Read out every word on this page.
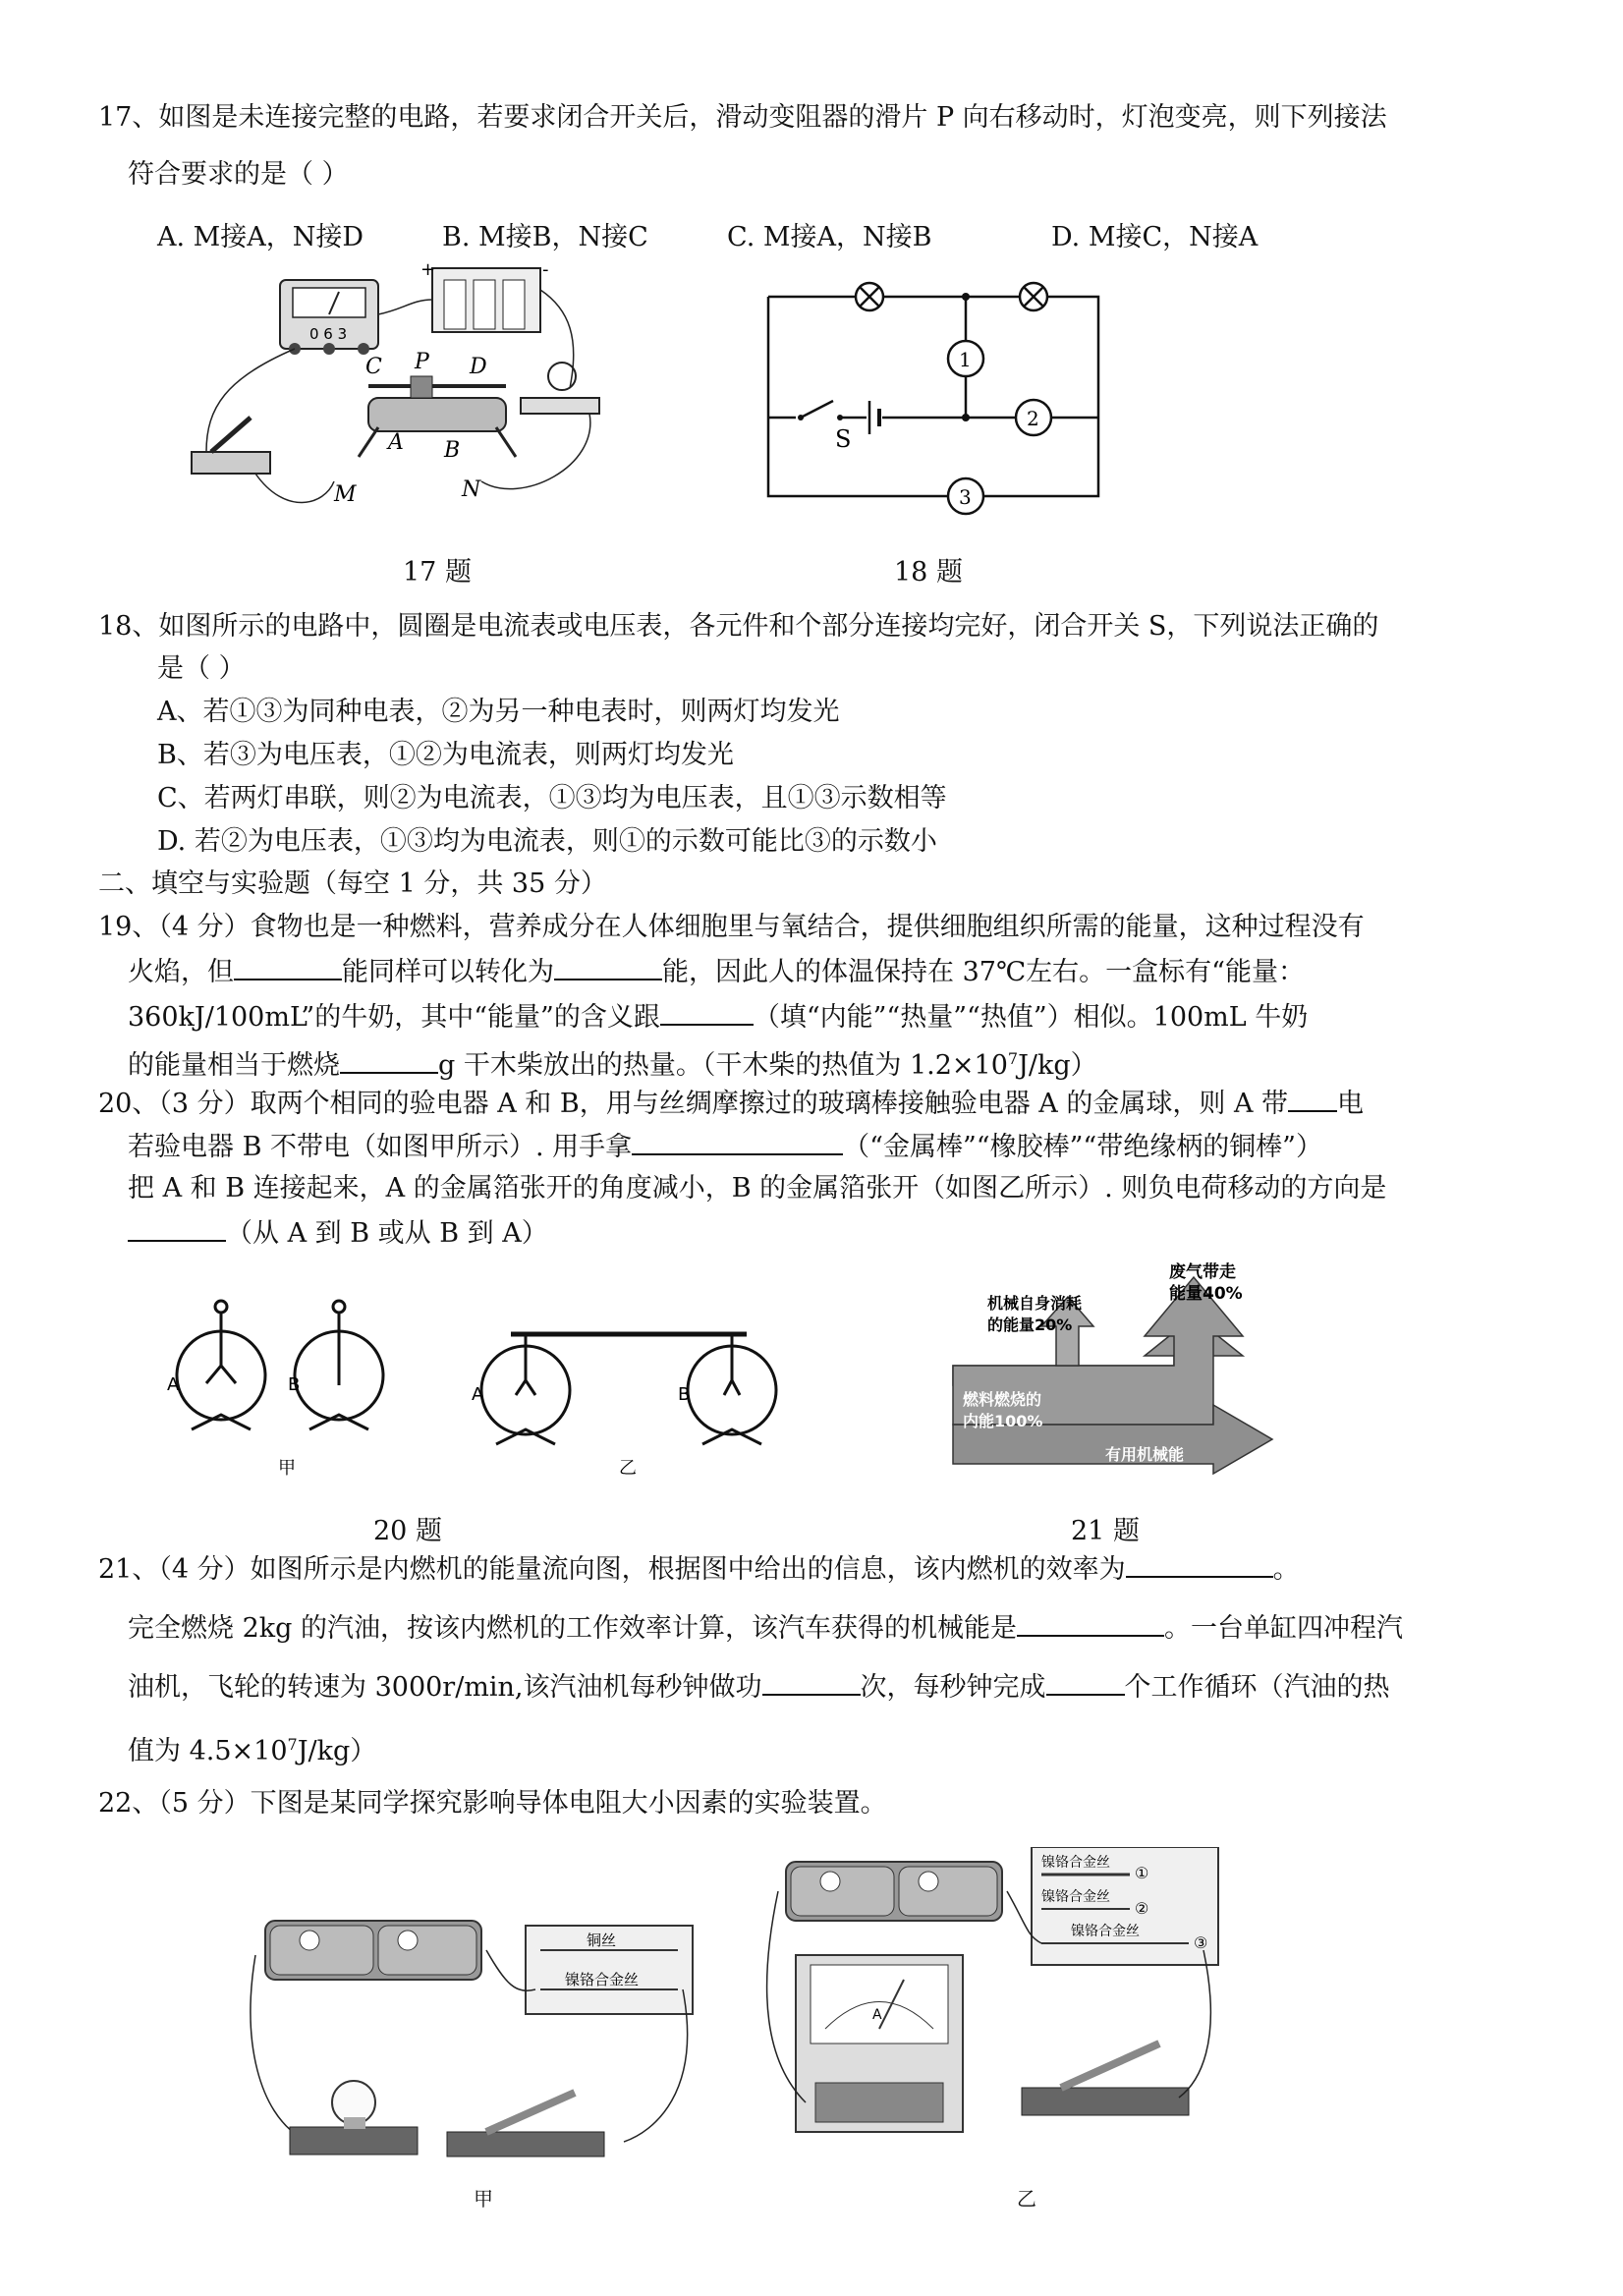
17、如图是未连接完整的电路，若要求闭合开关后，滑动变阻器的滑片 P 向右移动时，灯泡变亮，则下列接法
符合要求的是（ ）
A. M接A，N接D	B. M接B，N接C	C. M接A，N接B	D. M接C，N接A
0 6 3
+	-
C P D
A B
M	N
1
2
3
S
17 题	18 题
18、如图所示的电路中，圆圈是电流表或电压表，各元件和个部分连接均完好，闭合开关 S，下列说法正确的
是（ ）
A、若①③为同种电表，②为另一种电表时，则两灯均发光
B、若③为电压表，①②为电流表，则两灯均发光
C、若两灯串联，则②为电流表，①③均为电压表，且①③示数相等
D. 若②为电压表，①③均为电流表，则①的示数可能比③的示数小
二、填空与实验题（每空 1 分，共 35 分）
19、（4 分）食物也是一种燃料，营养成分在人体细胞里与氧结合，提供细胞组织所需的能量，这种过程没有
火焰，但	能同样可以转化为	能，因此人的体温保持在 37℃左右。一盒标有“能量：
360kJ/100mL”的牛奶，其中“能量”的含义跟	（填“内能”“热量”“热值”）相似。100mL 牛奶
的能量相当于燃烧	g 干木柴放出的热量。（干木柴的热值为 $1.2\times 10^7J/kg$）
20、（3 分）取两个相同的验电器 A 和 B，用与丝绸摩擦过的玻璃棒接触验电器 A 的金属球，则 A 带 电
若验电器 B 不带电（如图甲所示）. 用手拿	（“金属棒”“橡胶棒”“带绝缘柄的铜棒”）
把 A 和 B 连接起来，A 的金属箔张开的角度减小，B 的金属箔张开（如图乙所示）. 则负电荷移动的方向是
（从 A 到 B 或从 B 到 A）
A	B	A	B
甲	乙
废气带走
能量40%
机械自身消耗
的能量20%
燃料燃烧的
内能100%
有用机械能
20 题	21 题
21、（4 分）如图所示是内燃机的能量流向图，根据图中给出的信息，该内燃机的效率为	。
完全燃烧 2kg 的汽油，按该内燃机的工作效率计算，该汽车获得的机械能是	。一台单缸四冲程汽
油机，飞轮的转速为 3000r/min,该汽油机每秒钟做功	次，每秒钟完成	个工作循环（汽油的热
值为 $4.5\times 10^7J/kg$）
22、（5 分）下图是某同学探究影响导体电阻大小因素的实验装置。
铜丝
镍铬合金丝
甲
镍铬合金丝
①
镍铬合金丝
②
镍铬合金丝
③
A
乙
